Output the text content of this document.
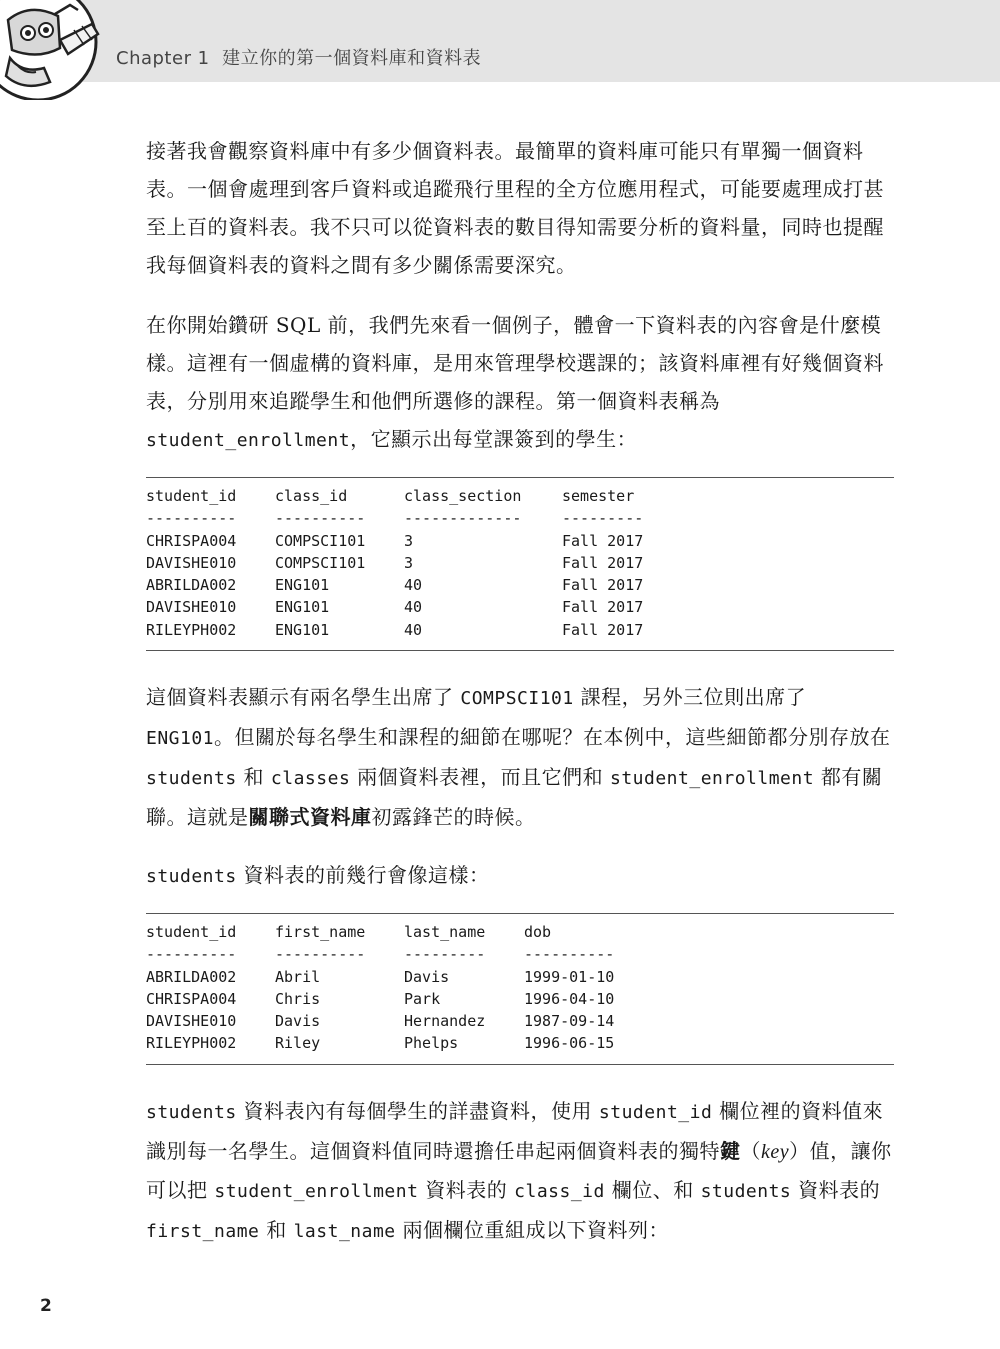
Chapter 1 建立你的第一個資料庫和資料表

接著我會觀察資料庫中有多少個資料表。最簡單的資料庫可能只有單獨一個資料表。一個會處理到客戶資料或追蹤飛行里程的全方位應用程式，可能要處理成打甚至上百的資料表。我不只可以從資料表的數目得知需要分析的資料量，同時也提醒我每個資料表的資料之間有多少關係需要深究。

在你開始鑽研 SQL 前，我們先來看一個例子，體會一下資料表的內容會是什麼模樣。這裡有一個虛構的資料庫，是用來管理學校選課的；該資料庫裡有好幾個資料表，分別用來追蹤學生和他們所選修的課程。第一個資料表稱為 student_enrollment，它顯示出每堂課簽到的學生：

student_id	class_id	class_section	semester
----------	----------	-------------	---------
CHRISPA004	COMPSCI101	3	Fall 2017
DAVISHE010	COMPSCI101	3	Fall 2017
ABRILDA002	ENG101	40	Fall 2017
DAVISHE010	ENG101	40	Fall 2017
RILEYPH002	ENG101	40	Fall 2017

這個資料表顯示有兩名學生出席了 COMPSCI101 課程，另外三位則出席了 ENG101。但關於每名學生和課程的細節在哪呢？在本例中，這些細節都分別存放在 students 和 classes 兩個資料表裡，而且它們和 student_enrollment 都有關聯。這就是關聯式資料庫初露鋒芒的時候。

students 資料表的前幾行會像這樣：

student_id	first_name	last_name	dob
----------	----------	---------	----------
ABRILDA002	Abril	Davis	1999-01-10
CHRISPA004	Chris	Park	1996-04-10
DAVISHE010	Davis	Hernandez	1987-09-14
RILEYPH002	Riley	Phelps	1996-06-15

students 資料表內有每個學生的詳盡資料，使用 student_id 欄位裡的資料值來識別每一名學生。這個資料值同時還擔任串起兩個資料表的獨特鍵（key）值，讓你可以把 student_enrollment 資料表的 class_id 欄位、和 students 資料表的 first_name 和 last_name 兩個欄位重組成以下資料列：

2
